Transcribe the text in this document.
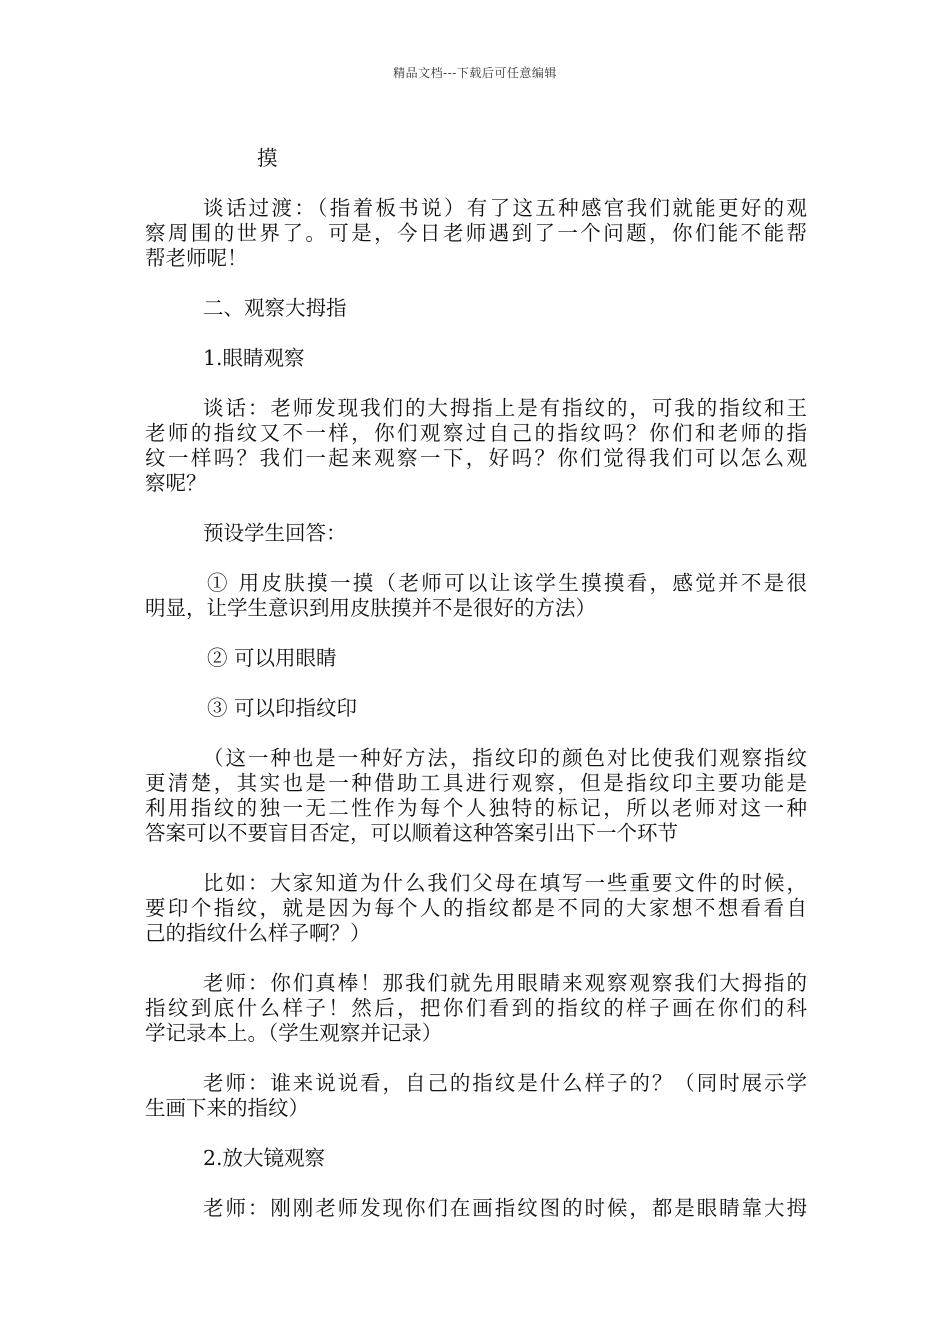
精品文档---下载后可任意编辑
摸
谈话过渡：（指着板书说）有了这五种感官我们就能更好的观
察周围的世界了。可是，今日老师遇到了一个问题，你们能不能帮
帮老师呢！
二、观察大拇指
1.眼睛观察
谈话：老师发现我们的大拇指上是有指纹的，可我的指纹和王
老师的指纹又不一样，你们观察过自己的指纹吗？你们和老师的指
纹一样吗？我们一起来观察一下，好吗？你们觉得我们可以怎么观
察呢？
预设学生回答：
① 用皮肤摸一摸（老师可以让该学生摸摸看，感觉并不是很
明显，让学生意识到用皮肤摸并不是很好的方法）
② 可以用眼睛
③ 可以印指纹印
（这一种也是一种好方法，指纹印的颜色对比使我们观察指纹
更清楚，其实也是一种借助工具进行观察，但是指纹印主要功能是
利用指纹的独一无二性作为每个人独特的标记，所以老师对这一种
答案可以不要盲目否定，可以顺着这种答案引出下一个环节
比如：大家知道为什么我们父母在填写一些重要文件的时候，
要印个指纹，就是因为每个人的指纹都是不同的大家想不想看看自
己的指纹什么样子啊？）
老师：你们真棒！那我们就先用眼睛来观察观察我们大拇指的
指纹到底什么样子！然后，把你们看到的指纹的样子画在你们的科
学记录本上。（学生观察并记录）
老师：谁来说说看，自己的指纹是什么样子的？（同时展示学
生画下来的指纹）
2.放大镜观察
老师：刚刚老师发现你们在画指纹图的时候，都是眼睛靠大拇
